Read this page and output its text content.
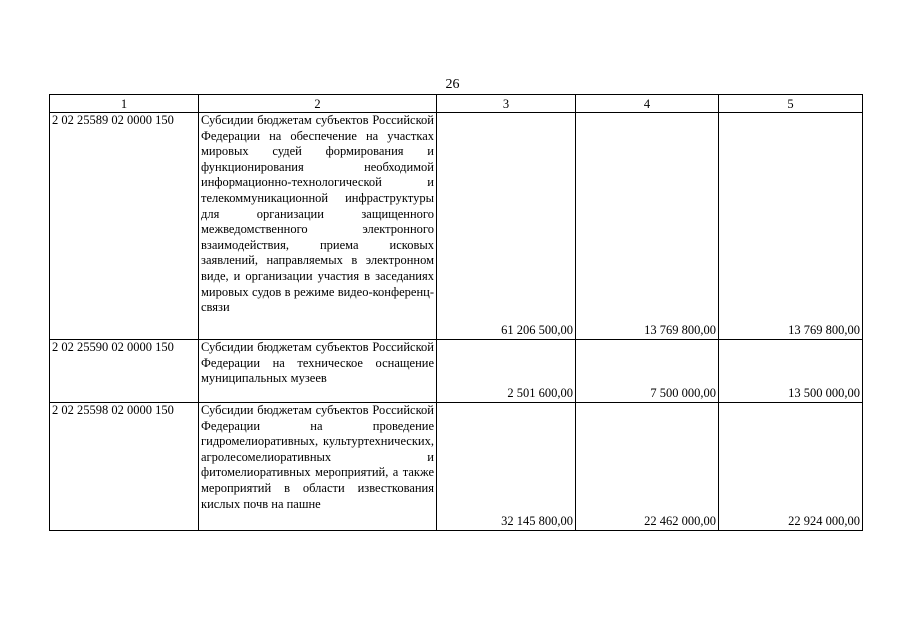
26
1	2	3	4	5
2 02 25589 02 0000 150	Субсидии бюджетам субъектов Российской Федерации на обеспечение на участках мировых судей формирования и функционирования необходимой информационно-технологической и телекоммуникационной инфраструктуры для организации защищенного межведомственного электронного взаимодействия, приема исковых заявлений, направляемых в электронном виде, и организации участия в заседаниях мировых судов в режиме видео-конференц-связи	61 206 500,00	13 769 800,00	13 769 800,00
2 02 25590 02 0000 150	Субсидии бюджетам субъектов Российской Федерации на техническое оснащение муниципальных музеев	2 501 600,00	7 500 000,00	13 500 000,00
2 02 25598 02 0000 150	Субсидии бюджетам субъектов Российской Федерации на проведение гидромелиоративных, культуртехнических, агролесомелиоративных и фитомелиоративных мероприятий, а также мероприятий в области известкования кислых почв на пашне	32 145 800,00	22 462 000,00	22 924 000,00
